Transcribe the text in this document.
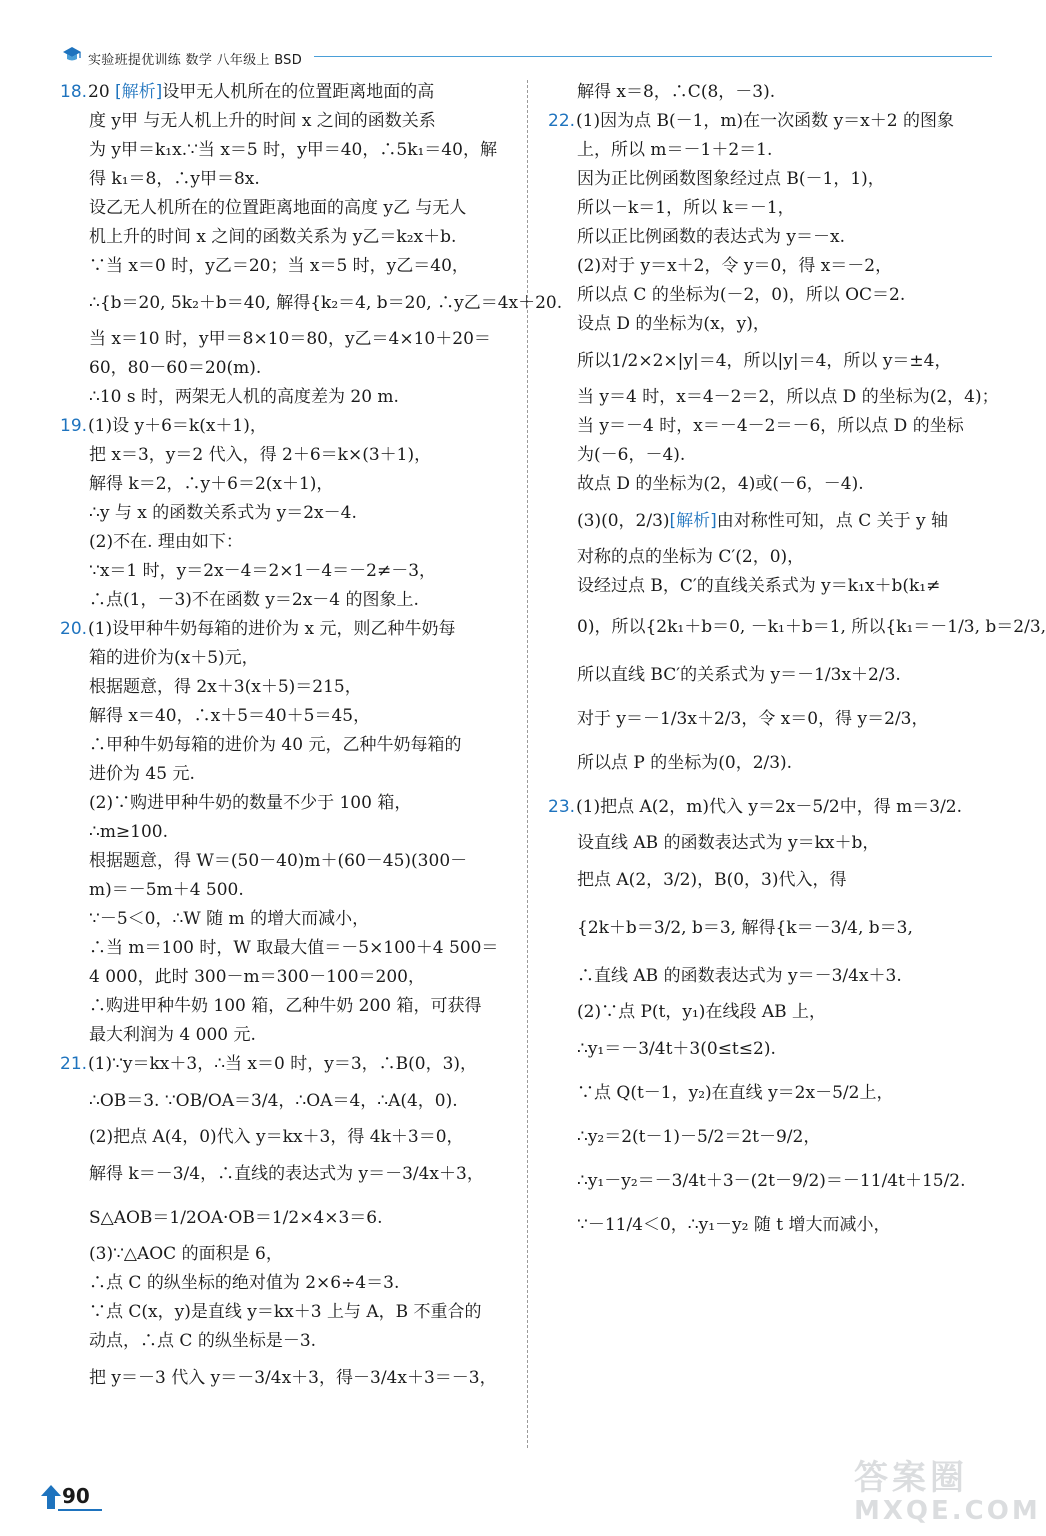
实验班提优训练 数学 八年级上 BSD
18.20 [解析]设甲无人机所在的位置距离地面的高
度 y甲 与无人机上升的时间 x 之间的函数关系
为 y甲＝k₁x.∵当 x＝5 时，y甲＝40，∴5k₁＝40，解
得 k₁＝8，∴y甲＝8x.
设乙无人机所在的位置距离地面的高度 y乙 与无人
机上升的时间 x 之间的函数关系为 y乙＝k₂x＋b.
∵当 x＝0 时，y乙＝20；当 x＝5 时，y乙＝40，
∴{b＝20, 5k₂＋b＝40, 解得{k₂＝4, b＝20, ∴y乙＝4x＋20.
当 x＝10 时，y甲＝8×10＝80，y乙＝4×10＋20＝
60，80－60＝20(m).
∴10 s 时，两架无人机的高度差为 20 m.
19.(1)设 y＋6＝k(x＋1)，
把 x＝3，y＝2 代入，得 2＋6＝k×(3＋1)，
解得 k＝2，∴y＋6＝2(x＋1)，
∴y 与 x 的函数关系式为 y＝2x－4.
(2)不在. 理由如下：
∵x＝1 时，y＝2x－4＝2×1－4＝－2≠－3，
∴点(1，－3)不在函数 y＝2x－4 的图象上.
20.(1)设甲种牛奶每箱的进价为 x 元，则乙种牛奶每
箱的进价为(x＋5)元，
根据题意，得 2x＋3(x＋5)＝215，
解得 x＝40，∴x＋5＝40＋5＝45，
∴甲种牛奶每箱的进价为 40 元，乙种牛奶每箱的
进价为 45 元.
(2)∵购进甲种牛奶的数量不少于 100 箱，
∴m≥100.
根据题意，得 W＝(50－40)m＋(60－45)(300－
m)＝－5m＋4 500.
∵－5＜0，∴W 随 m 的增大而减小，
∴当 m＝100 时，W 取最大值＝－5×100＋4 500＝
4 000，此时 300－m＝300－100＝200，
∴购进甲种牛奶 100 箱，乙种牛奶 200 箱，可获得
最大利润为 4 000 元.
21.(1)∵y＝kx＋3，∴当 x＝0 时，y＝3，∴B(0，3)，
∴OB＝3. ∵OB/OA＝3/4，∴OA＝4，∴A(4，0).
(2)把点 A(4，0)代入 y＝kx＋3，得 4k＋3＝0，
解得 k＝－3/4，∴直线的表达式为 y＝－3/4x＋3，
S△AOB＝1/2OA·OB＝1/2×4×3＝6.
(3)∵△AOC 的面积是 6，
∴点 C 的纵坐标的绝对值为 2×6÷4＝3.
∵点 C(x，y)是直线 y＝kx＋3 上与 A，B 不重合的
动点，∴点 C 的纵坐标是－3.
把 y＝－3 代入 y＝－3/4x＋3，得－3/4x＋3＝－3，
解得 x＝8，∴C(8，－3).
22.(1)因为点 B(－1，m)在一次函数 y＝x＋2 的图象
上，所以 m＝－1＋2＝1.
因为正比例函数图象经过点 B(－1，1)，
所以－k＝1，所以 k＝－1，
所以正比例函数的表达式为 y＝－x.
(2)对于 y＝x＋2，令 y＝0，得 x＝－2，
所以点 C 的坐标为(－2，0)，所以 OC＝2.
设点 D 的坐标为(x，y)，
所以1/2×2×|y|＝4，所以|y|＝4，所以 y＝±4，
当 y＝4 时，x＝4－2＝2，所以点 D 的坐标为(2，4)；
当 y＝－4 时，x＝－4－2＝－6，所以点 D 的坐标
为(－6，－4).
故点 D 的坐标为(2，4)或(－6，－4).
(3)(0，2/3)[解析]由对称性可知，点 C 关于 y 轴
对称的点的坐标为 C′(2，0)，
设经过点 B，C′的直线关系式为 y＝k₁x＋b(k₁≠
0)，所以{2k₁＋b＝0, －k₁＋b＝1, 所以{k₁＝－1/3, b＝2/3,
所以直线 BC′的关系式为 y＝－1/3x＋2/3.
对于 y＝－1/3x＋2/3，令 x＝0，得 y＝2/3，
所以点 P 的坐标为(0，2/3).
23.(1)把点 A(2，m)代入 y＝2x－5/2中，得 m＝3/2.
设直线 AB 的函数表达式为 y＝kx＋b，
把点 A(2，3/2)，B(0，3)代入，得
{2k＋b＝3/2, b＝3, 解得{k＝－3/4, b＝3,
∴直线 AB 的函数表达式为 y＝－3/4x＋3.
(2)∵点 P(t，y₁)在线段 AB 上，
∴y₁＝－3/4t＋3(0≤t≤2).
∵点 Q(t－1，y₂)在直线 y＝2x－5/2上，
∴y₂＝2(t－1)－5/2＝2t－9/2，
∴y₁－y₂＝－3/4t＋3－(2t－9/2)＝－11/4t＋15/2.
∵－11/4＜0，∴y₁－y₂ 随 t 增大而减小，
90	答案圈
MXQE.COM
